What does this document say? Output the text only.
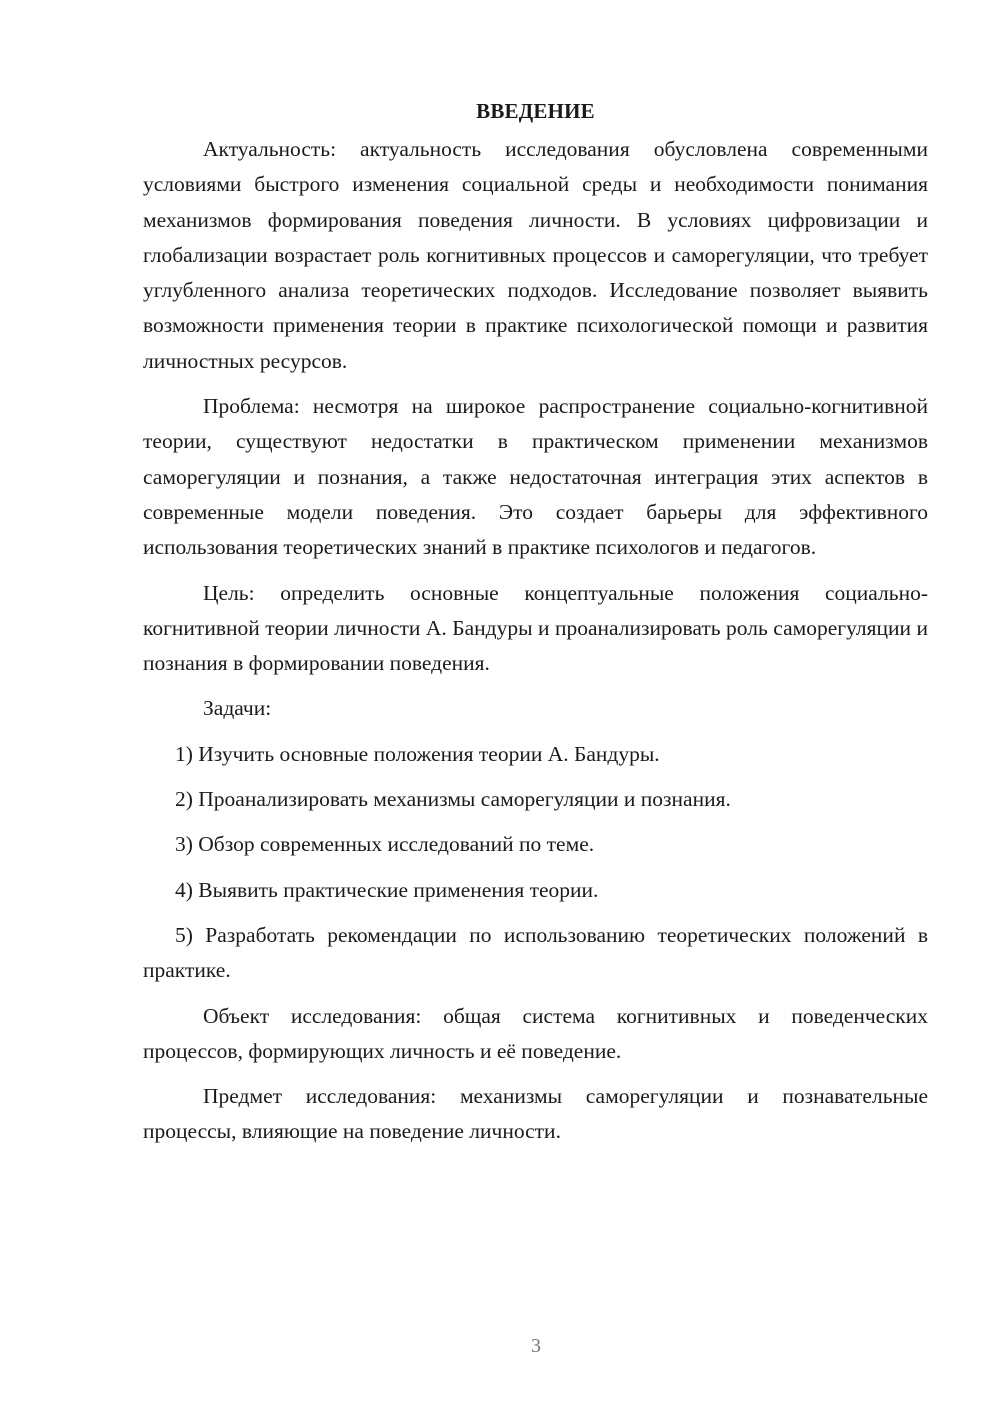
ВВЕДЕНИЕ

Актуальность: актуальность исследования обусловлена современными условиями быстрого изменения социальной среды и необходимости понимания механизмов формирования поведения личности. В условиях цифровизации и глобализации возрастает роль когнитивных процессов и саморегуляции, что требует углубленного анализа теоретических подходов. Исследование позволяет выявить возможности применения теории в практике психологической помощи и развития личностных ресурсов.

Проблема: несмотря на широкое распространение социально-когнитивной теории, существуют недостатки в практическом применении механизмов саморегуляции и познания, а также недостаточная интеграция этих аспектов в современные модели поведения. Это создает барьеры для эффективного использования теоретических знаний в практике психологов и педагогов.

Цель: определить основные концептуальные положения социально-когнитивной теории личности А. Бандуры и проанализировать роль саморегуляции и познания в формировании поведения.

Задачи:

1) Изучить основные положения теории А. Бандуры.

2) Проанализировать механизмы саморегуляции и познания.

3) Обзор современных исследований по теме.

4) Выявить практические применения теории.

5) Разработать рекомендации по использованию теоретических положений в практике.

Объект исследования: общая система когнитивных и поведенческих процессов, формирующих личность и её поведение.

Предмет исследования: механизмы саморегуляции и познавательные процессы, влияющие на поведение личности.

3
